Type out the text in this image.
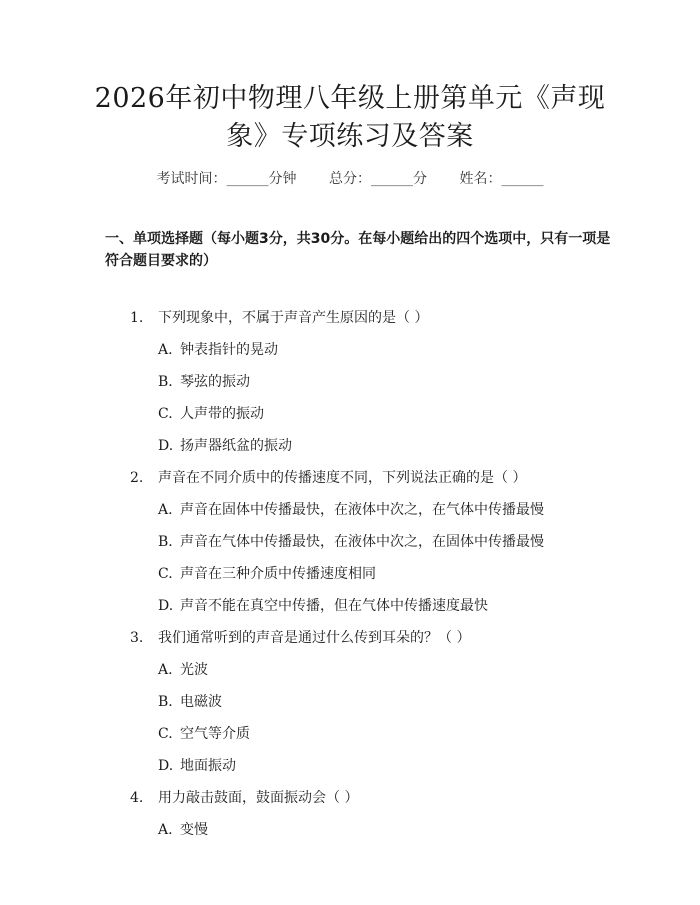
2026年初中物理八年级上册第单元《声现
象》专项练习及答案
考试时间：______分钟 总分：______分 姓名：______
一、单项选择题（每小题3分，共30分。在每小题给出的四个选项中，只有一项是符合题目要求的）
1. 下列现象中，不属于声音产生原因的是（ ）
A. 钟表指针的晃动
B. 琴弦的振动
C. 人声带的振动
D. 扬声器纸盆的振动
2. 声音在不同介质中的传播速度不同，下列说法正确的是（ ）
A. 声音在固体中传播最快，在液体中次之，在气体中传播最慢
B. 声音在气体中传播最快，在液体中次之，在固体中传播最慢
C. 声音在三种介质中传播速度相同
D. 声音不能在真空中传播，但在气体中传播速度最快
3. 我们通常听到的声音是通过什么传到耳朵的？（ ）
A. 光波
B. 电磁波
C. 空气等介质
D. 地面振动
4. 用力敲击鼓面，鼓面振动会（ ）
A. 变慢
